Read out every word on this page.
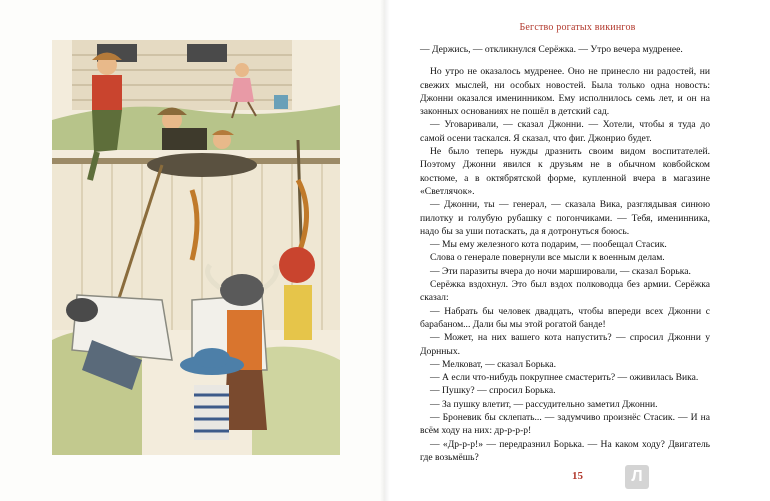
Бегство рогатых викингов
15

— Держись, — откликнулся Серёжка. — Утро вечера мудренее.

Но утро не оказалось мудренее. Оно не принесло ни радостей, ни свежих мыслей, ни особых новостей. Была только одна новость: Джонни оказался именинником. Ему исполнилось семь лет, и он на законных основаниях не пошёл в детский сад.

— Уговаривали, — сказал Джонни. — Хотели, чтобы я туда до самой осени таскался. Я сказал, что фиг. Джонрио будет.

Не было теперь нужды дразнить своим видом воспитателей. Поэтому Джонни явился к друзьям не в обычном ковбойском костюме, а в октябрятской форме, купленной вчера в магазине «Светлячок».

— Джонни, ты — генерал, — сказала Вика, разглядывая синюю пилотку и голубую рубашку с погончиками. — Тебя, именинника, надо бы за уши потаскать, да я дотронуться боюсь.

— Мы ему железного кота подарим, — пообещал Стасик.

Слова о генерале повернули все мысли к военным делам.

— Эти паразиты вчера до ночи маршировали, — сказал Борька.

Серёжка вздохнул. Это был вздох полководца без армии. Серёжка сказал:

— Набрать бы человек двадцать, чтобы впереди всех Джонни с барабаном... Дали бы мы этой рогатой банде!

— Может, на них вашего кота напустить? — спросил Джонни у Дорнных.

— Мелковат, — сказал Борька.

— А если что-нибудь покрупнее смастерить? — оживилась Вика.

— Пушку? — спросил Борька.

— За пушку влетит, — рассудительно заметил Джонни.

— Броневик бы склепать... — задумчиво произнёс Стасик. — И на всём ходу на них: др-р-р-р!

— «Др-р-р!» — передразнил Борька. — На каком ходу? Двигатель где возьмёшь?

Л
